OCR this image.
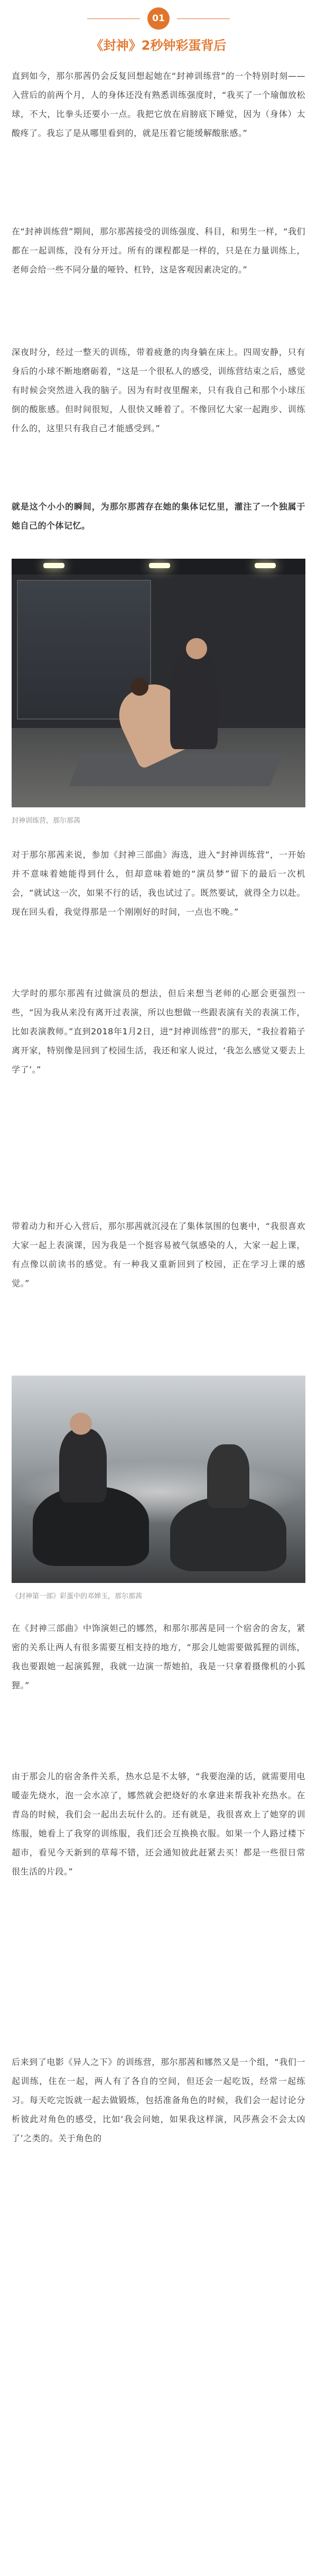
01
《封神》2秒钟彩蛋背后

直到如今，那尔那茜仍会反复回想起她在“封神训练营”的一个特别时刻——入营后的前两个月，人的身体还没有熟悉训练强度时，“我买了一个瑜伽放松球，不大，比拳头还要小一点。我把它放在肩膀底下睡觉，因为（身体）太酸疼了。我忘了是从哪里看到的，就是压着它能缓解酸胀感。”

在“封神训练营”期间，那尔那茜接受的训练强度、科目，和男生一样，“我们都在一起训练，没有分开过。所有的课程都是一样的，只是在力量训练上，老师会给一些不同分量的哑铃、杠铃，这是客观因素决定的。”

深夜时分，经过一整天的训练，带着疲惫的肉身躺在床上。四周安静，只有身后的小球不断地磨砺着，“这是一个很私人的感受，训练营结束之后，感觉有时候会突然进入我的脑子。因为有时夜里醒来，只有我自己和那个小球压倒的酸胀感。但时间很短，人很快又睡着了。不像回忆大家一起跑步、训练什么的，这里只有我自己才能感受到。”

就是这个小小的瞬间，为那尔那茜存在她的集体记忆里，灌注了一个独属于她自己的个体记忆。

封神训练营，那尔那茜

对于那尔那茜来说，参加《封神三部曲》海选，进入“封神训练营”，一开始并不意味着她能得到什么，但却意味着她的“演员梦”留下的最后一次机会，“就试这一次，如果不行的话，我也试过了。既然要试，就得全力以赴。现在回头看，我觉得那是一个刚刚好的时间，一点也不晚。”

大学时的那尔那茜有过做演员的想法，但后来想当老师的心愿会更强烈一些，“因为我从来没有离开过表演，所以也想做一些跟表演有关的表演工作，比如表演教师。”直到2018年1月2日，进“封神训练营”的那天，“我拉着箱子离开家，特别像是回到了校园生活，我还和家人说过，‘我怎么感觉又要去上学了’。”

带着动力和开心入营后，那尔那茜就沉浸在了集体氛围的包裹中，“我很喜欢大家一起上表演课，因为我是一个挺容易被气氛感染的人，大家一起上课，有点像以前读书的感觉。有一种我又重新回到了校园，正在学习上课的感觉。”

《封神第一部》彩蛋中的邓婵玉，那尔那茜

在《封神三部曲》中饰演妲己的娜然，和那尔那茜是同一个宿舍的舍友，紧密的关系让两人有很多需要互相支持的地方，“那会儿她需要做狐狸的训练，我也要跟她一起演狐狸，我就一边演一帮她拍，我是一只拿着摄像机的小狐狸。”

由于那会儿的宿舍条件关系，热水总是不太够，“我要泡澡的话，就需要用电暖壶先烧水，泡一会水凉了，娜然就会把烧好的水拿进来帮我补充热水。在青岛的时候，我们会一起出去玩什么的。还有就是，我很喜欢上了她穿的训练服，她看上了我穿的训练服，我们还会互换换衣服。如果一个人路过楼下超市，看见今天新到的草莓不错，还会通知彼此赶紧去买！都是一些很日常很生活的片段。”

后来到了电影《异人之下》的训练营，那尔那茜和娜然又是一个组，“我们一起训练，住在一起，两人有了各自的空间，但还会一起吃饭，经常一起练习。每天吃完饭就一起去做锻炼，包括准备角色的时候，我们会一起讨论分析彼此对角色的感受，比如‘我会问她，如果我这样演，风莎燕会不会太凶了’之类的。关于角色的
